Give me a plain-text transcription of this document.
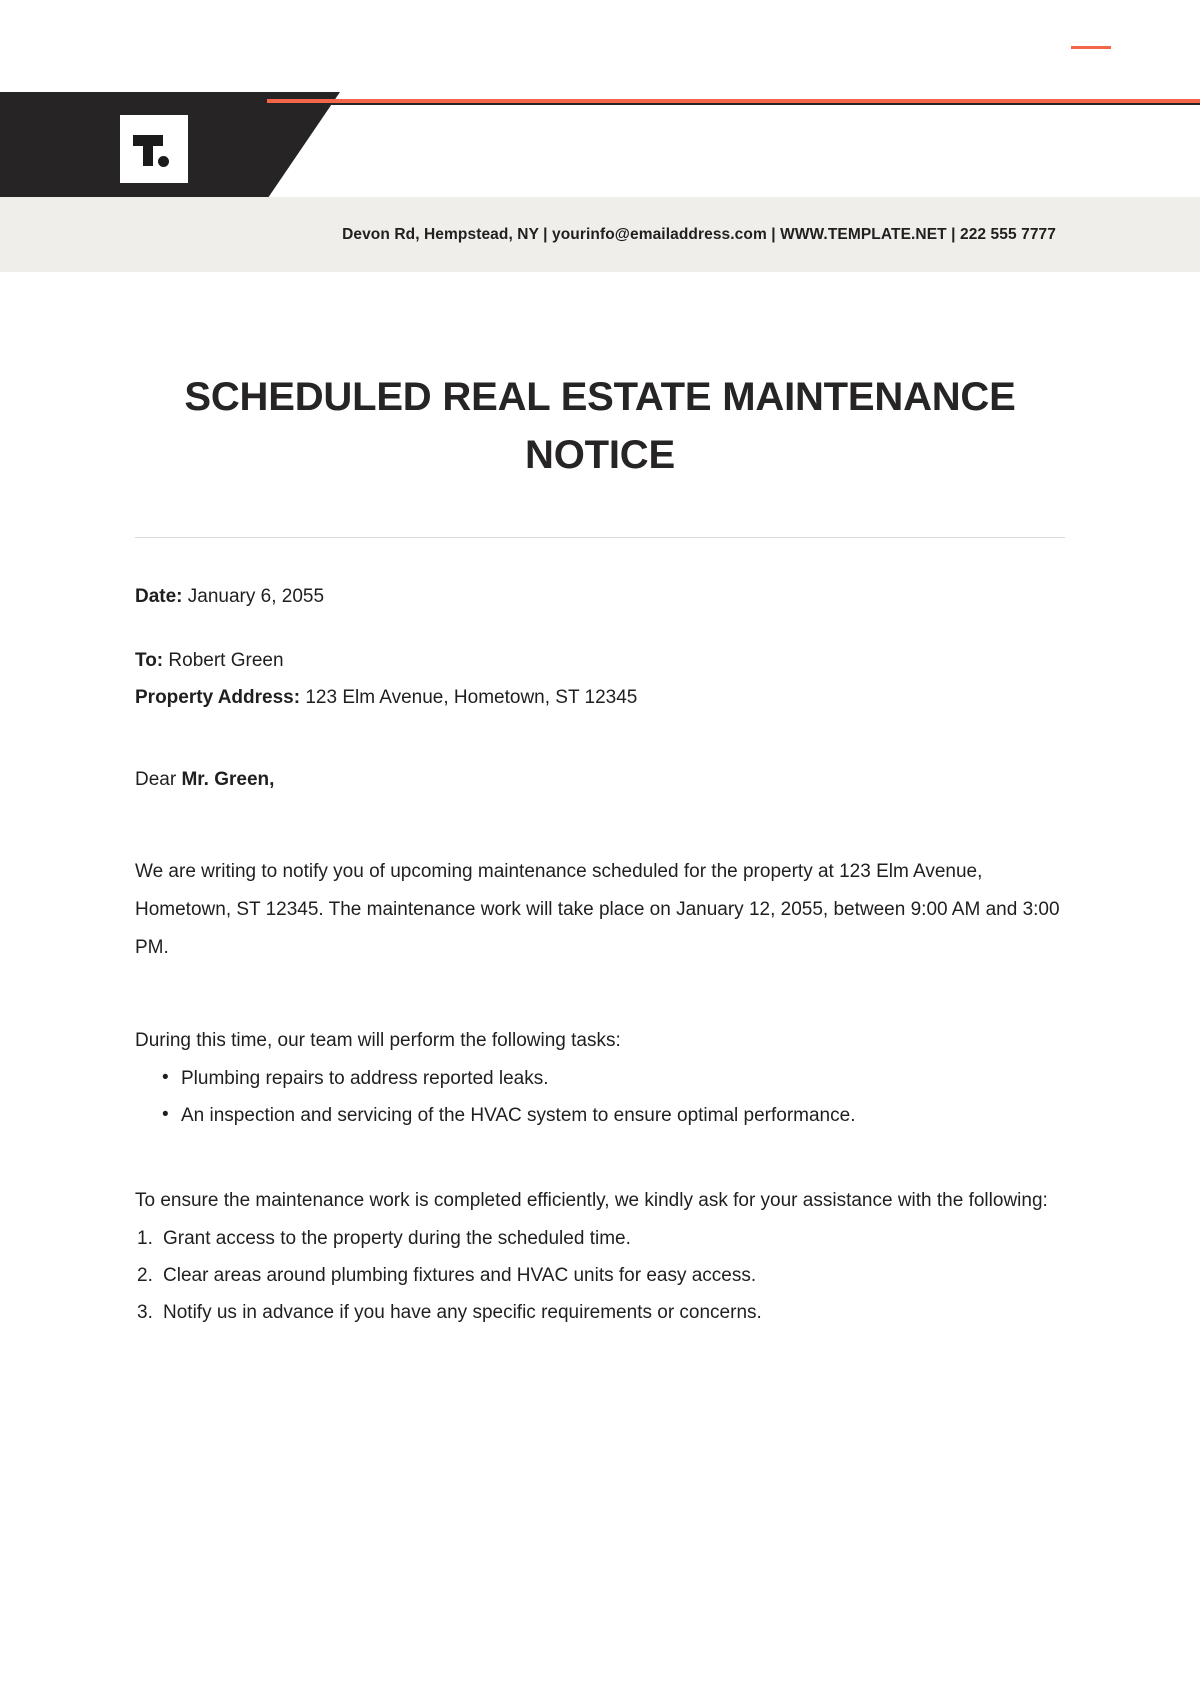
Devon Rd, Hempstead, NY | yourinfo@emailaddress.com | WWW.TEMPLATE.NET | 222 555 7777
SCHEDULED REAL ESTATE MAINTENANCE NOTICE

Date: January 6, 2055

To: Robert Green

Property Address: 123 Elm Avenue, Hometown, ST 12345

Dear Mr. Green,

We are writing to notify you of upcoming maintenance scheduled for the property at 123 Elm Avenue, Hometown, ST 12345. The maintenance work will take place on January 12, 2055, between 9:00 AM and 3:00 PM.

During this time, our team will perform the following tasks:

• Plumbing repairs to address reported leaks.
• An inspection and servicing of the HVAC system to ensure optimal performance.

To ensure the maintenance work is completed efficiently, we kindly ask for your assistance with the following:

Grant access to the property during the scheduled time.
Clear areas around plumbing fixtures and HVAC units for easy access.
Notify us in advance if you have any specific requirements or concerns.
